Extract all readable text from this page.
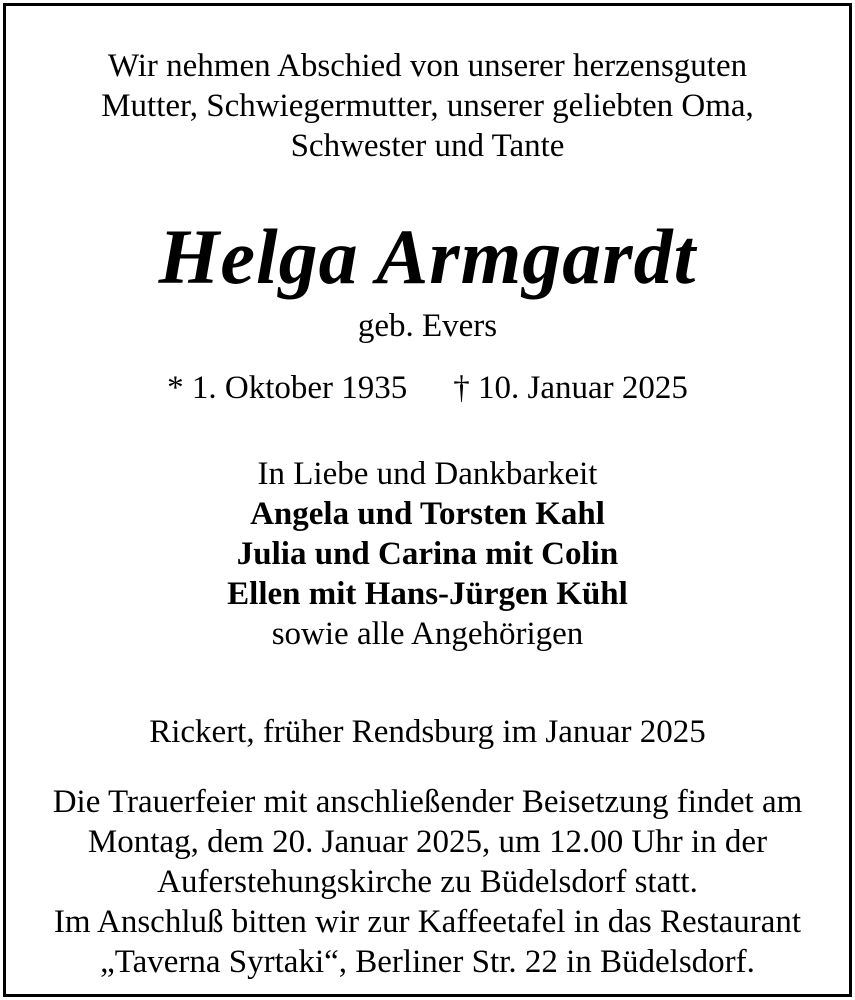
Wir nehmen Abschied von unserer herzensguten
Mutter, Schwiegermutter, unserer geliebten Oma,
Schwester und Tante
Helga Armgardt
geb. Evers
* 1. Oktober 1935 † 10. Januar 2025
In Liebe und Dankbarkeit
Angela und Torsten Kahl
Julia und Carina mit Colin
Ellen mit Hans-Jürgen Kühl
sowie alle Angehörigen
Rickert, früher Rendsburg im Januar 2025
Die Trauerfeier mit anschließender Beisetzung findet am
Montag, dem 20. Januar 2025, um 12.00 Uhr in der
Auferstehungskirche zu Büdelsdorf statt.
Im Anschluß bitten wir zur Kaffeetafel in das Restaurant
„Taverna Syrtaki“, Berliner Str. 22 in Büdelsdorf.
